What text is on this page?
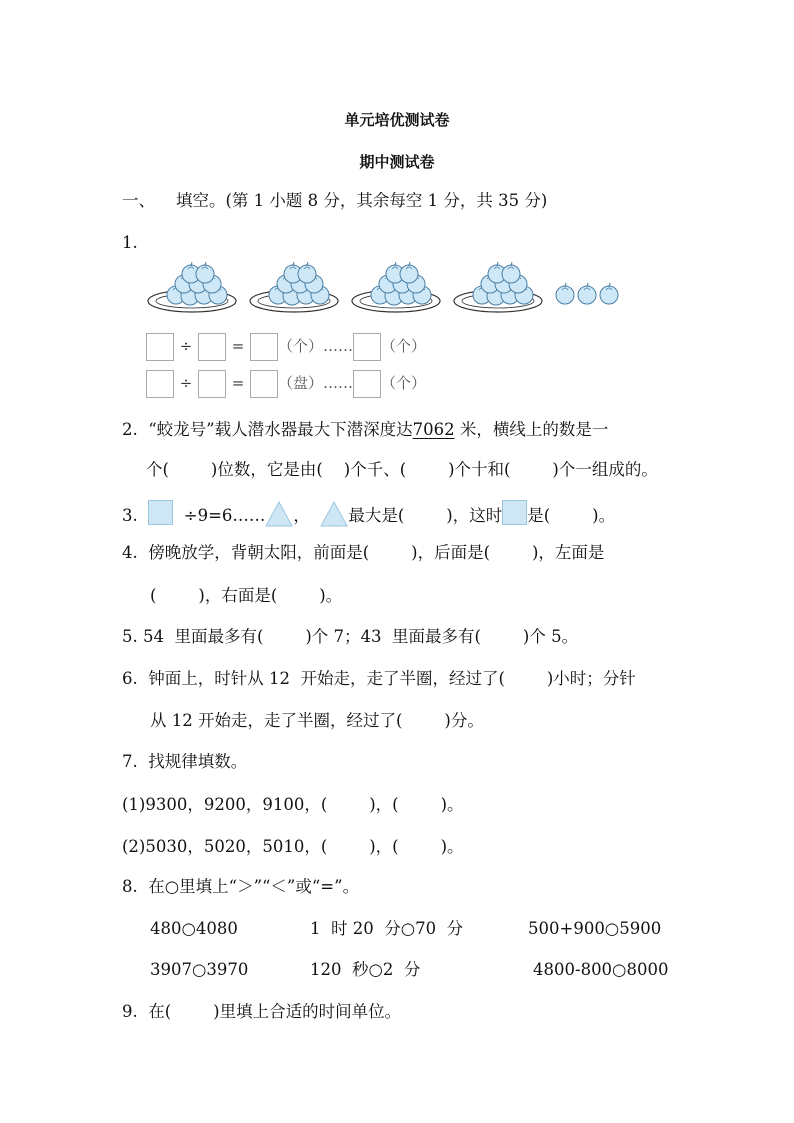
单元培优测试卷
期中测试卷
一、 填空。(第 1 小题 8 分，其余每空 1 分，共 35 分)
1.
÷	= （个）…… （个）
÷	= （盘）…… （个）
2. “蛟龙号”载人潜水器最大下潜深度达7062 米，横线上的数是一
个(        )位数，它是由(    )个千、(        )个十和(        )个一组成的。
3.	÷9=6…… ， 最大是(        )，这时 是(        )。
4.  傍晚放学，背朝太阳，前面是(        )，后面是(        )，左面是
(        )，右面是(        )。
5. 54  里面最多有(        )个 7；43  里面最多有(        )个 5。
6.  钟面上，时针从 12  开始走，走了半圈，经过了(        )小时；分针
从 12 开始走，走了半圈，经过了(        )分。
7.  找规律填数。
(1)9300，9200，9100，(        )，(        )。
(2)5030，5020，5010，(        )，(        )。
8.  在○里填上“＞”“＜”或“=”。
480○4080	1  时 20  分○70  分	500+900○5900
3907○3970	120  秒○2  分	4800-800○8000
9.  在(        )里填上合适的时间单位。
